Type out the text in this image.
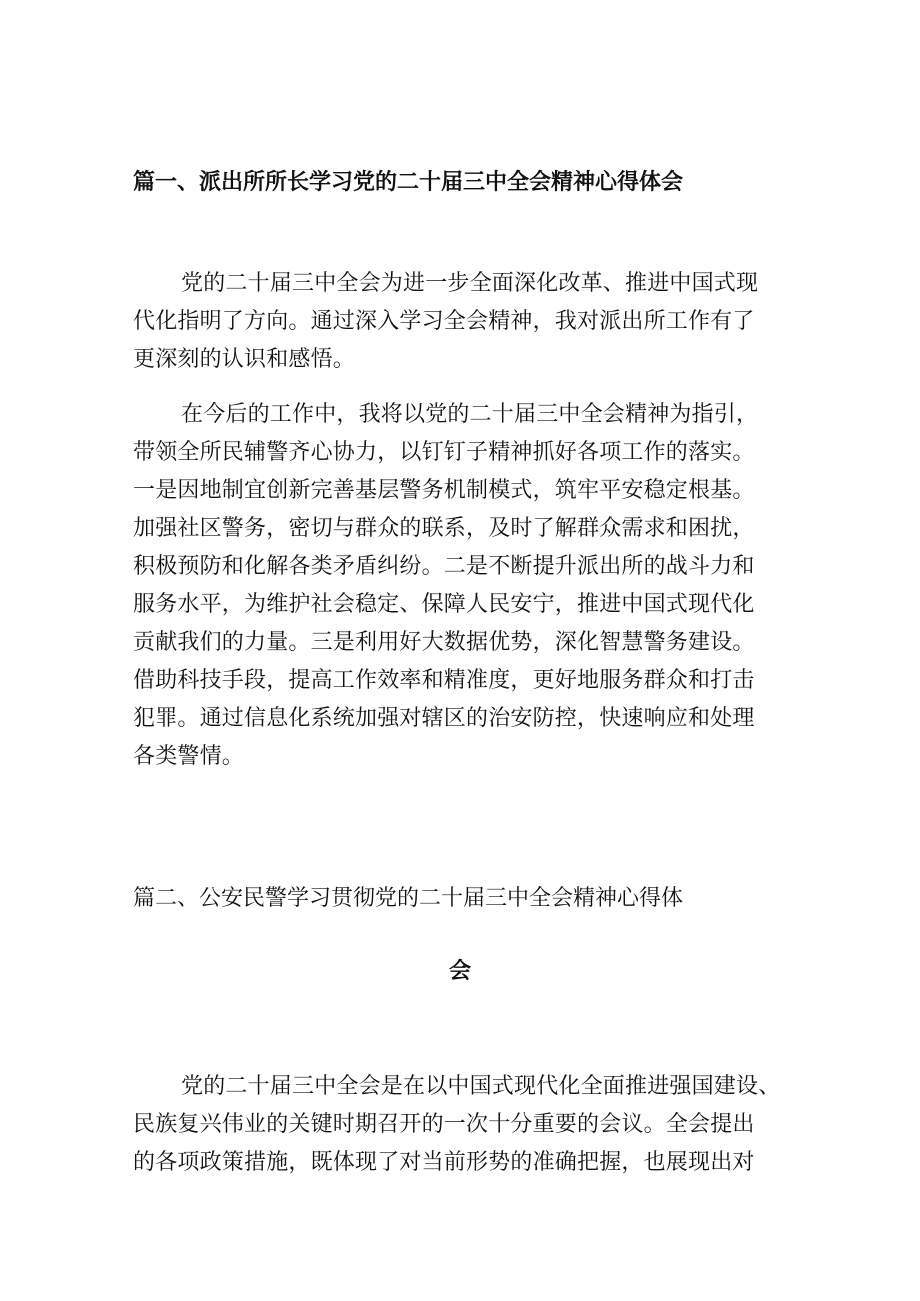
篇一、派出所所长学习党的二十届三中全会精神心得体会
党的二十届三中全会为进一步全面深化改革、推进中国式现
代化指明了方向。通过深入学习全会精神，我对派出所工作有了
更深刻的认识和感悟。
在今后的工作中，我将以党的二十届三中全会精神为指引，
带领全所民辅警齐心协力，以钉钉子精神抓好各项工作的落实。
一是因地制宜创新完善基层警务机制模式，筑牢平安稳定根基。
加强社区警务，密切与群众的联系，及时了解群众需求和困扰，
积极预防和化解各类矛盾纠纷。二是不断提升派出所的战斗力和
服务水平，为维护社会稳定、保障人民安宁，推进中国式现代化
贡献我们的力量。三是利用好大数据优势，深化智慧警务建设。
借助科技手段，提高工作效率和精准度，更好地服务群众和打击
犯罪。通过信息化系统加强对辖区的治安防控，快速响应和处理
各类警情。
篇二、公安民警学习贯彻党的二十届三中全会精神心得体
会
党的二十届三中全会是在以中国式现代化全面推进强国建设、
民族复兴伟业的关键时期召开的一次十分重要的会议。全会提出
的各项政策措施，既体现了对当前形势的准确把握，也展现出对
